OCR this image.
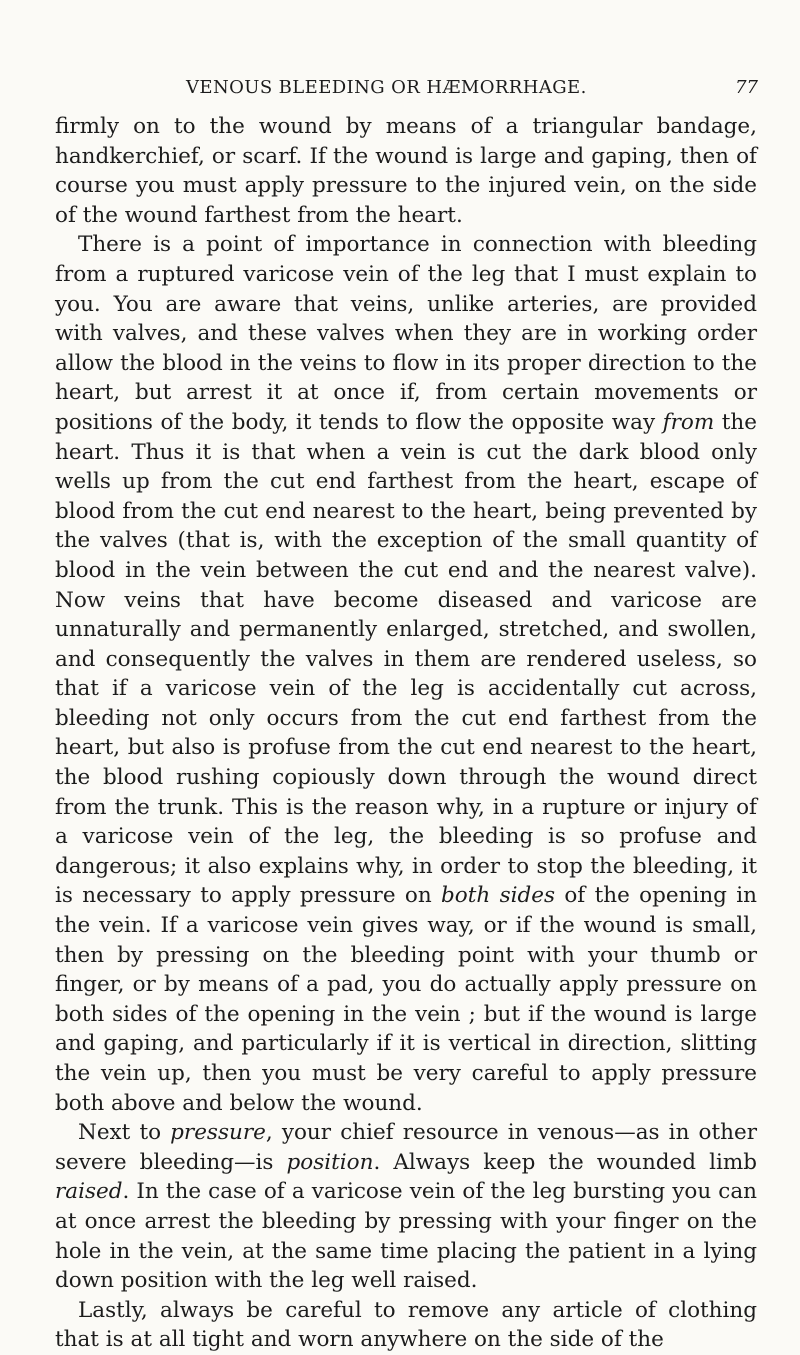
VENOUS BLEEDING OR HÆMORRHAGE.	77

firmly on to the wound by means of a triangular bandage, handkerchief, or scarf. If the wound is large and gaping, then of course you must apply pressure to the injured vein, on the side of the wound farthest from the heart.

There is a point of importance in connection with bleeding from a ruptured varicose vein of the leg that I must explain to you. You are aware that veins, unlike arteries, are provided with valves, and these valves when they are in working order allow the blood in the veins to flow in its proper direction to the heart, but arrest it at once if, from certain movements or positions of the body, it tends to flow the opposite way from the heart. Thus it is that when a vein is cut the dark blood only wells up from the cut end farthest from the heart, escape of blood from the cut end nearest to the heart, being prevented by the valves (that is, with the exception of the small quantity of blood in the vein between the cut end and the nearest valve). Now veins that have become diseased and varicose are unnaturally and permanently enlarged, stretched, and swollen, and consequently the valves in them are rendered useless, so that if a varicose vein of the leg is accidentally cut across, bleeding not only occurs from the cut end farthest from the heart, but also is profuse from the cut end nearest to the heart, the blood rushing copiously down through the wound direct from the trunk. This is the reason why, in a rupture or injury of a varicose vein of the leg, the bleeding is so profuse and dangerous; it also explains why, in order to stop the bleeding, it is necessary to apply pressure on both sides of the opening in the vein. If a varicose vein gives way, or if the wound is small, then by pressing on the bleeding point with your thumb or finger, or by means of a pad, you do actually apply pressure on both sides of the opening in the vein ; but if the wound is large and gaping, and particularly if it is vertical in direction, slitting the vein up, then you must be very careful to apply pressure both above and below the wound.

Next to pressure, your chief resource in venous—as in other severe bleeding—is position. Always keep the wounded limb raised. In the case of a varicose vein of the leg bursting you can at once arrest the bleeding by pressing with your finger on the hole in the vein, at the same time placing the patient in a lying down position with the leg well raised.

Lastly, always be careful to remove any article of clothing that is at all tight and worn anywhere on the side of the
